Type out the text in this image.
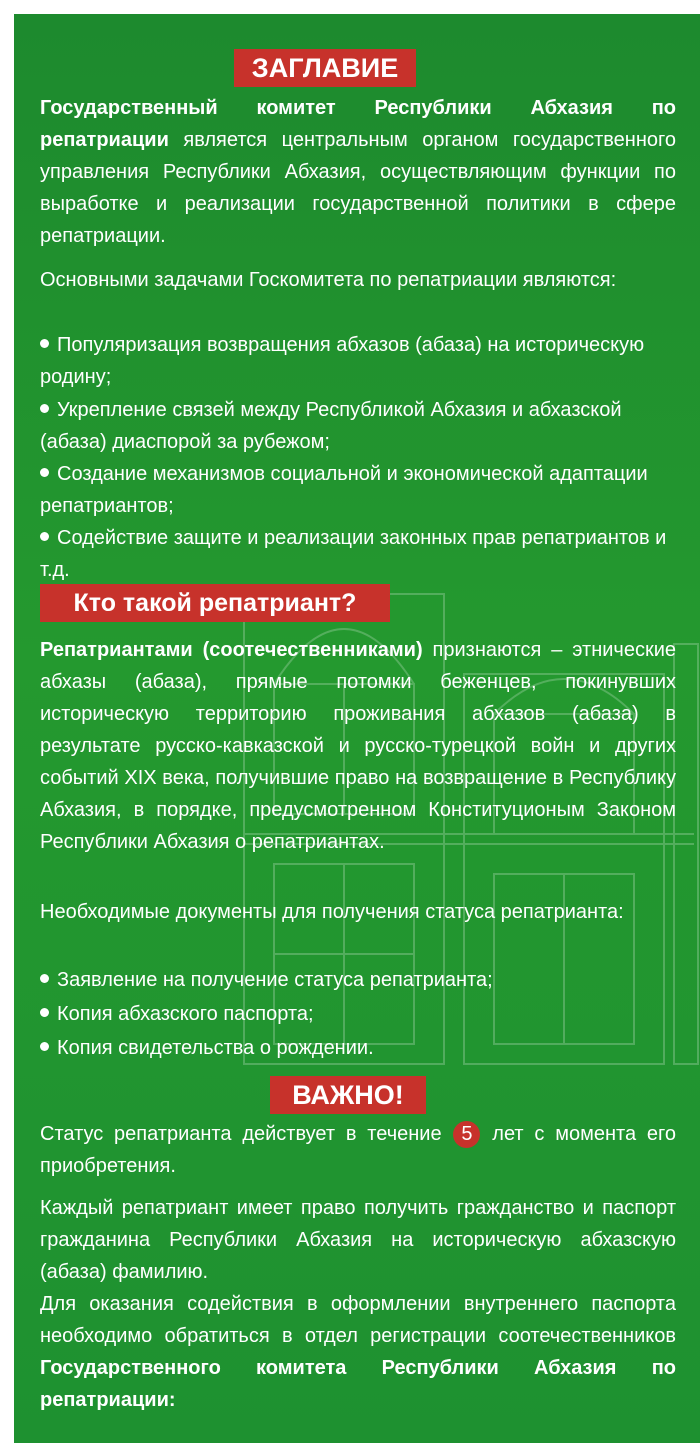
ЗАГЛАВИЕ
Государственный комитет Республики Абхазия по репатриации является центральным органом государственного управления Республики Абхазия, осуществляющим функции по выработке и реализации государственной политики в сфере репатриации.
Основными задачами Госкомитета по репатриации являются:
Популяризация возвращения абхазов (абаза) на историческую родину;
Укрепление связей между Республикой Абхазия и абхазской (абаза) диаспорой за рубежом;
Создание механизмов социальной и экономической адаптации репатриантов;
Содействие защите и реализации законных прав репатриантов и т.д.
Кто такой репатриант?
Репатриантами (соотечественниками) признаются – этнические абхазы (абаза), прямые потомки беженцев, покинувших историческую территорию проживания абхазов (абаза) в результате русско-кавказской и русско-турецкой войн и других событий XIX века, получившие право на возвращение в Республику Абхазия, в порядке, предусмотренном Конституционым Законом Республики Абхазия о репатриантах.
Необходимые документы для получения статуса репатрианта:
Заявление на получение статуса репатрианта;
Копия абхазского паспорта;
Копия свидетельства о рождении.
ВАЖНО!
Статус репатрианта действует в течение 5 лет с момента его приобретения.
Каждый репатриант имеет право получить гражданство и паспорт гражданина Республики Абхазия на историческую абхазскую (абаза) фамилию.
Для оказания содействия в оформлении внутреннего паспорта необходимо обратиться в отдел регистрации соотечественников Государственного комитета Республики Абхазия по репатриации:
